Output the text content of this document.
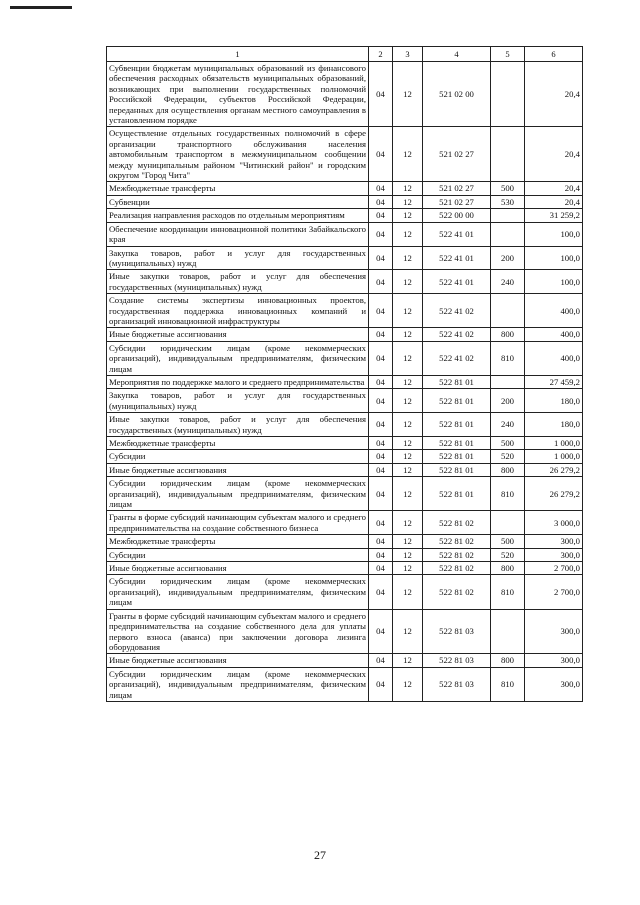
1	2	3	4	5	6
Субвенции бюджетам муниципальных образований из финансового обеспечения расходных обязательств муниципальных образований, возникающих при выполнении государственных полномочий Российской Федерации, субъектов Российской Федерации, переданных для осуществления органам местного самоуправления в установленном порядке	04	12	521 02 00		20,4
Осуществление отдельных государственных полномочий в сфере организации транспортного обслуживания населения автомобильным транспортом в межмуниципальном сообщении между муниципальным районом "Читинский район" и городским округом "Город Чита"	04	12	521 02 27		20,4
Межбюджетные трансферты	04	12	521 02 27	500	20,4
Субвенции	04	12	521 02 27	530	20,4
Реализация направления расходов по отдельным мероприятиям	04	12	522 00 00		31 259,2
Обеспечение координации инновационной политики Забайкальского края	04	12	522 41 01		100,0
Закупка товаров, работ и услуг для государственных (муниципальных) нужд	04	12	522 41 01	200	100,0
Иные закупки товаров, работ и услуг для обеспечения государственных (муниципальных) нужд	04	12	522 41 01	240	100,0
Создание системы экспертизы инновационных проектов, государственная поддержка инновационных компаний и организаций инновационной инфраструктуры	04	12	522 41 02		400,0
Иные бюджетные ассигнования	04	12	522 41 02	800	400,0
Субсидии юридическим лицам (кроме некоммерческих организаций), индивидуальным предпринимателям, физическим лицам	04	12	522 41 02	810	400,0
Мероприятия по поддержке малого и среднего предпринимательства	04	12	522 81 01		27 459,2
Закупка товаров, работ и услуг для государственных (муниципальных) нужд	04	12	522 81 01	200	180,0
Иные закупки товаров, работ и услуг для обеспечения государственных (муниципальных) нужд	04	12	522 81 01	240	180,0
Межбюджетные трансферты	04	12	522 81 01	500	1 000,0
Субсидии	04	12	522 81 01	520	1 000,0
Иные бюджетные ассигнования	04	12	522 81 01	800	26 279,2
Субсидии юридическим лицам (кроме некоммерческих организаций), индивидуальным предпринимателям, физическим лицам	04	12	522 81 01	810	26 279,2
Гранты в форме субсидий начинающим субъектам малого и среднего предпринимательства на создание собственного бизнеса	04	12	522 81 02		3 000,0
Межбюджетные трансферты	04	12	522 81 02	500	300,0
Субсидии	04	12	522 81 02	520	300,0
Иные бюджетные ассигнования	04	12	522 81 02	800	2 700,0
Субсидии юридическим лицам (кроме некоммерческих организаций), индивидуальным предпринимателям, физическим лицам	04	12	522 81 02	810	2 700,0
Гранты в форме субсидий начинающим субъектам малого и среднего предпринимательства на создание собственного дела для уплаты первого взноса (аванса) при заключении договора лизинга оборудования	04	12	522 81 03		300,0
Иные бюджетные ассигнования	04	12	522 81 03	800	300,0
Субсидии юридическим лицам (кроме некоммерческих организаций), индивидуальным предпринимателям, физическим лицам	04	12	522 81 03	810	300,0
27
